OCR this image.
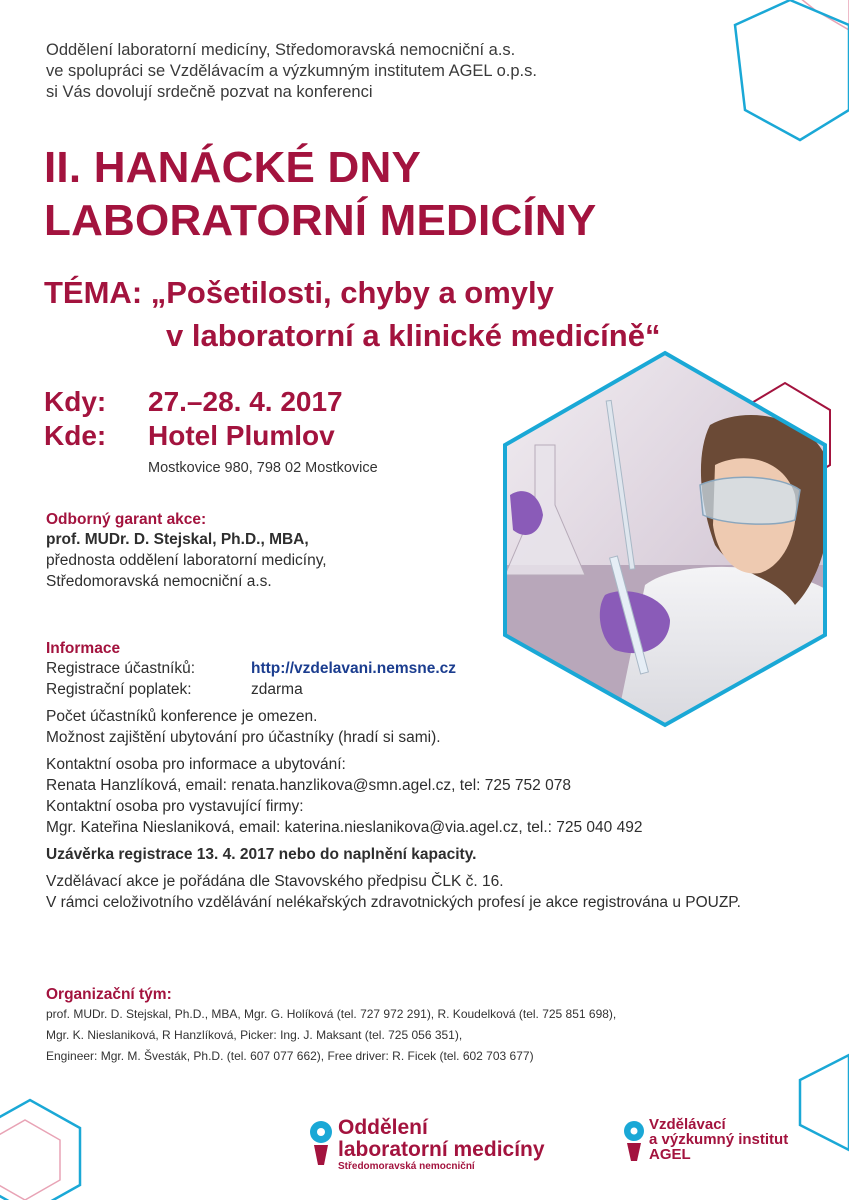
Oddělení laboratorní medicíny, Středomoravská nemocniční a.s.
ve spolupráci se Vzdělávacím a výzkumným institutem AGEL o.p.s.
si Vás dovolují srdečně pozvat na konferenci
II. HANÁCKÉ DNY
LABORATORNÍ MEDICÍNY
TÉMA: „Pošetilosti, chyby a omyly
v laboratorní a klinické medicíně“
Kdy: 27.–28. 4. 2017
Kde: Hotel Plumlov
Mostkovice 980, 798 02 Mostkovice
Odborný garant akce:
prof. MUDr. D. Stejskal, Ph.D., MBA,
přednosta oddělení laboratorní medicíny,
Středomoravská nemocniční a.s.
Informace
Registrace účastníků:	http://vzdelavani.nemsne.cz
Registrační poplatek:	zdarma
Počet účastníků konference je omezen.
Možnost zajištění ubytování pro účastníky (hradí si sami).
Kontaktní osoba pro informace a ubytování:
Renata Hanzlíková, email: renata.hanzlikova@smn.agel.cz, tel: 725 752 078
Kontaktní osoba pro vystavující firmy:
Mgr. Kateřina Nieslaniková, email: katerina.nieslanikova@via.agel.cz, tel.: 725 040 492
Uzávěrka registrace 13. 4. 2017 nebo do naplnění kapacity.
Vzdělávací akce je pořádána dle Stavovského předpisu ČLK č. 16.
V rámci celoživotního vzdělávání nelékařských zdravotnických profesí je akce registrována u POUZP.
Organizační tým:
prof. MUDr. D. Stejskal, Ph.D., MBA, Mgr. G. Holíková (tel. 727 972 291), R. Koudelková (tel. 725 851 698),
Mgr. K. Nieslaniková, R Hanzlíková, Picker: Ing. J. Maksant (tel. 725 056 351),
Engineer: Mgr. M. Švesták, Ph.D. (tel. 607 077 662), Free driver: R. Ficek (tel. 602 703 677)
Oddělení
laboratorní medicíny
Středomoravská nemocniční
Vzdělávací
a výzkumný institut
AGEL
